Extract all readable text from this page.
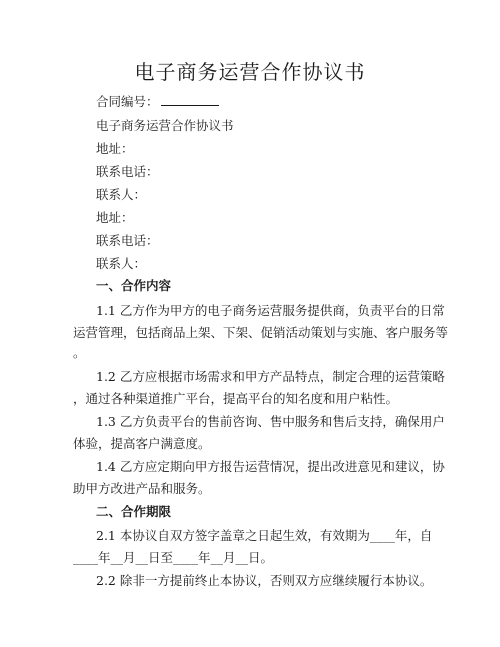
电子商务运营合作协议书
合同编号：
电子商务运营合作协议书
地址：
联系电话：
联系人：
地址：
联系电话：
联系人：
一、合作内容
1.1 乙方作为甲方的电子商务运营服务提供商，负责平台的日常
运营管理，包括商品上架、下架、促销活动策划与实施、客户服务等
。
1.2 乙方应根据市场需求和甲方产品特点，制定合理的运营策略
，通过各种渠道推广平台，提高平台的知名度和用户粘性。
1.3 乙方负责平台的售前咨询、售中服务和售后支持，确保用户
体验，提高客户满意度。
1.4 乙方应定期向甲方报告运营情况，提出改进意见和建议，协
助甲方改进产品和服务。
二、合作期限
2.1 本协议自双方签字盖章之日起生效，有效期为____年，自
____年__月__日至____年__月__日。
2.2 除非一方提前终止本协议，否则双方应继续履行本协议。
